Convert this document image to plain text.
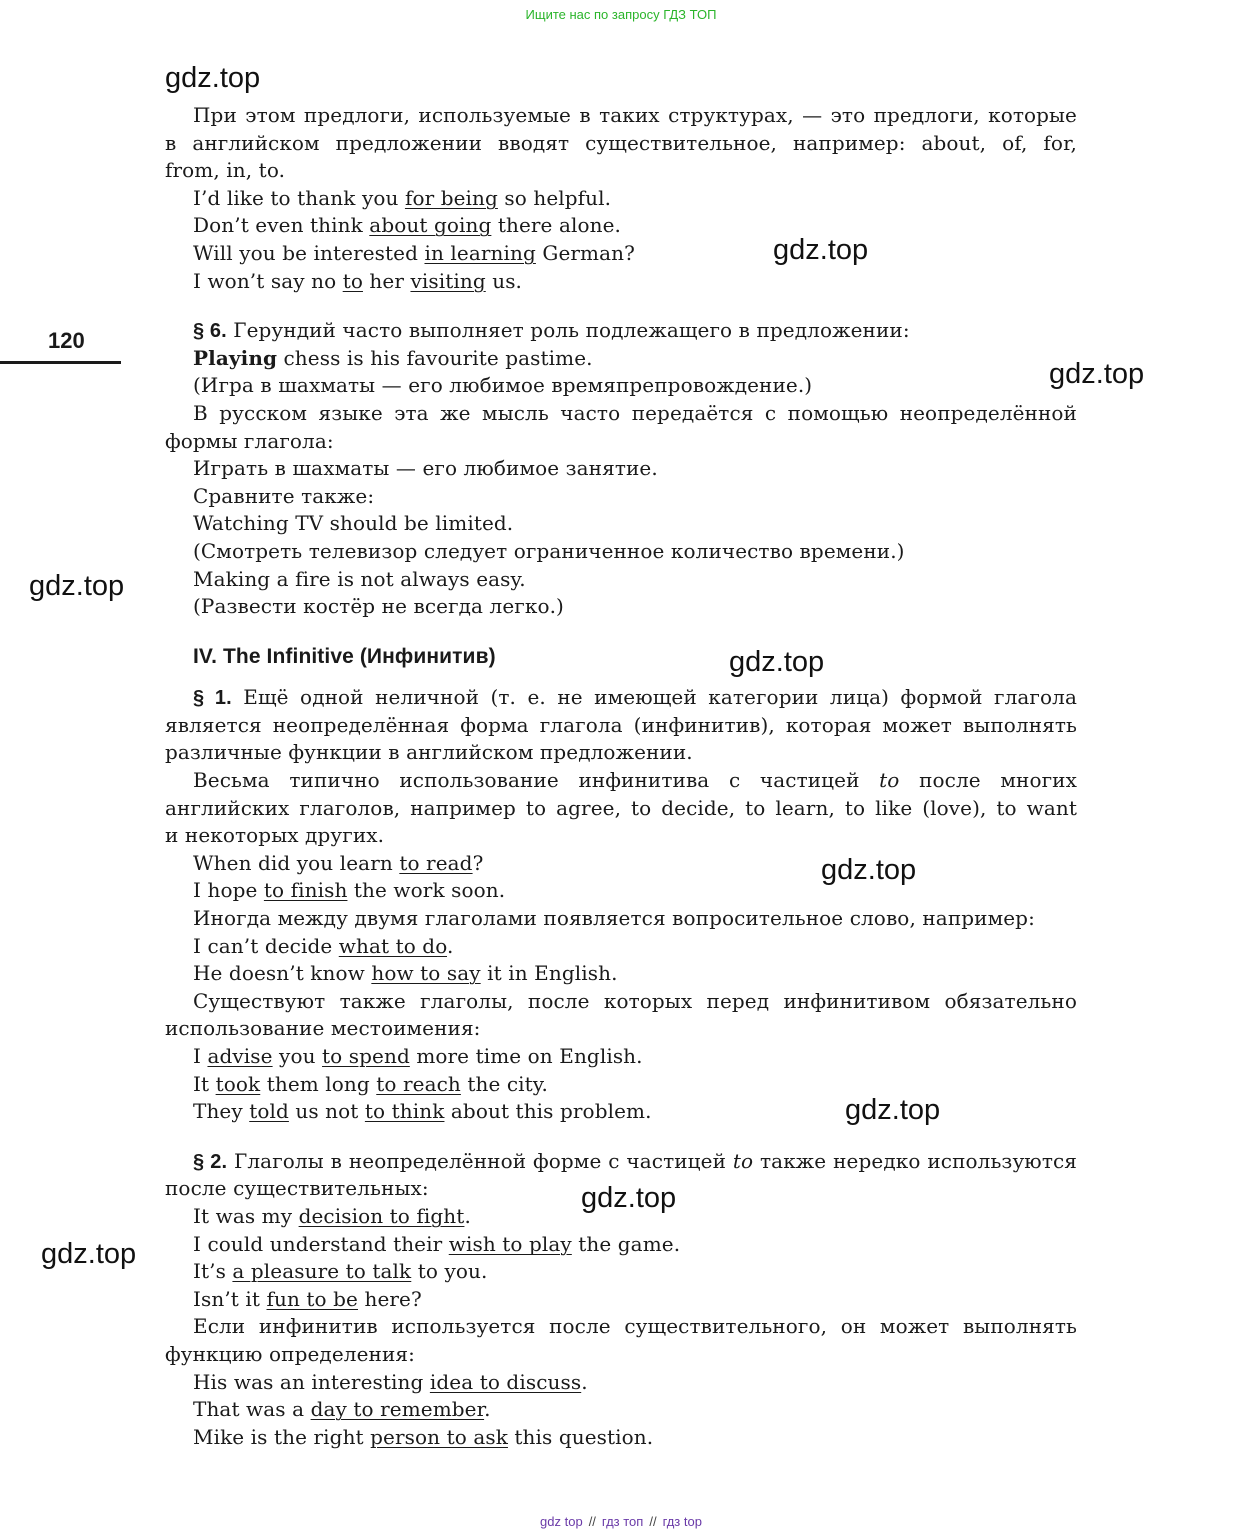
Ищите нас по запросу ГДЗ ТОП
120
gdz.top
gdz.top
gdz.top
gdz.top
gdz.top
gdz.top
gdz.top
gdz.top
gdz.top
При этом предлоги, используемые в таких структурах, — это предлоги, которые
в английском предложении вводят существительное, например: about, of, for,
from, in, to.
I’d like to thank you for being so helpful.
Don’t even think about going there alone.
Will you be interested in learning German?
I won’t say no to her visiting us.
§ 6. Герундий часто выполняет роль подлежащего в предложении:
Playing chess is his favourite pastime.
(Игра в шахматы — его любимое времяпрепровождение.)
В русском языке эта же мысль часто передаётся с помощью неопределённой
формы глагола:
Играть в шахматы — его любимое занятие.
Сравните также:
Watching TV should be limited.
(Смотреть телевизор следует ограниченное количество времени.)
Making a fire is not always easy.
(Развести костёр не всегда легко.)
IV. The Infinitive (Инфинитив)
§ 1. Ещё одной неличной (т. е. не имеющей категории лица) формой глагола
является неопределённая форма глагола (инфинитив), которая может выполнять
различные функции в английском предложении.
Весьма типично использование инфинитива с частицей to после многих
английских глаголов, например to agree, to decide, to learn, to like (love), to want
и некоторых других.
When did you learn to read?
I hope to finish the work soon.
Иногда между двумя глаголами появляется вопросительное слово, например:
I can’t decide what to do.
He doesn’t know how to say it in English.
Существуют также глаголы, после которых перед инфинитивом обязательно
использование местоимения:
I advise you to spend more time on English.
It took them long to reach the city.
They told us not to think about this problem.
§ 2. Глаголы в неопределённой форме с частицей to также нередко используются
после существительных:
It was my decision to fight.
I could understand their wish to play the game.
It’s a pleasure to talk to you.
Isn’t it fun to be here?
Если инфинитив используется после существительного, он может выполнять
функцию определения:
His was an interesting idea to discuss.
That was a day to remember.
Mike is the right person to ask this question.
gdz top // гдз топ // гдз top
